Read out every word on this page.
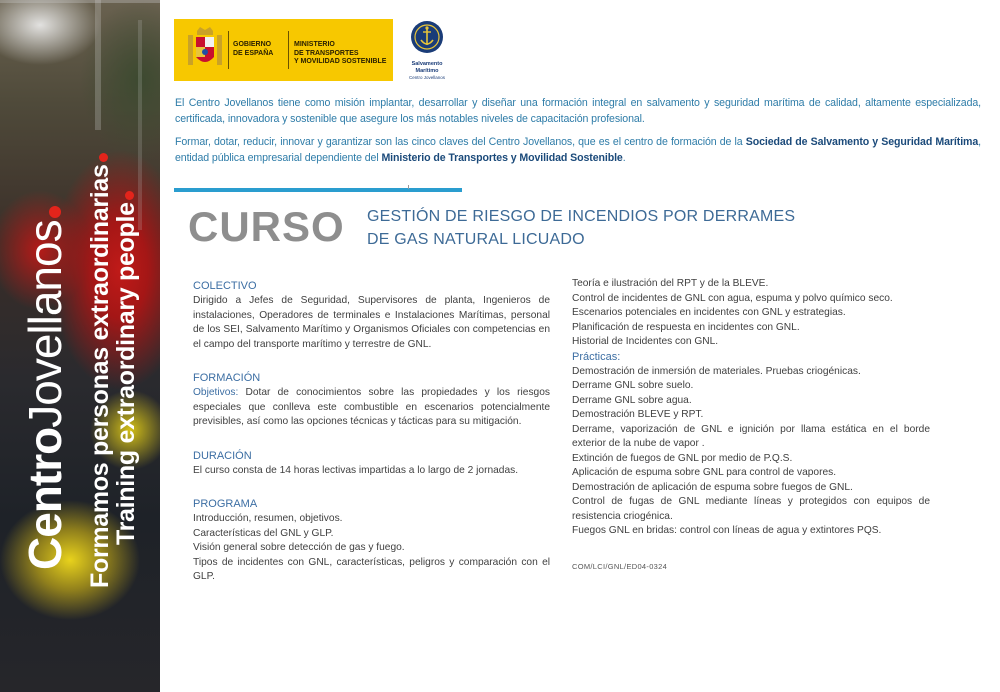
CentroJovellanos Formamos personas extraordinarias
Training extraordinary people
GOBIERNO
DE ESPAÑA
MINISTERIO
DE TRANSPORTES
Y MOVILIDAD SOSTENIBLE	Salvamento Marítimo
Centro Jovellanos

El Centro Jovellanos tiene como misión implantar, desarrollar y diseñar una formación integral en salvamento y seguridad marítima de calidad, altamente especializada, certificada, innovadora y sostenible que asegure los más notables niveles de capacitación profesional.

Formar, dotar, reducir, innovar y garantizar son las cinco claves del Centro Jovellanos, que es el centro de formación de la Sociedad de Salvamento y Seguridad Marítima, entidad pública empresarial dependiente del Ministerio de Transportes y Movilidad Sostenible.

CURSO GESTIÓN DE RIESGO DE INCENDIOS POR DERRAMES
DE GAS NATURAL LICUADO
COLECTIVO

Dirigido a Jefes de Seguridad, Supervisores de planta, Ingenieros de instalaciones, Operadores de terminales e Instalaciones Marítimas, personal de los SEI, Salvamento Marítimo y Organismos Oficiales con competencias en el campo del transporte marítimo y terrestre de GNL.

FORMACIÓN

Objetivos: Dotar de conocimientos sobre las propiedades y los riesgos especiales que conlleva este combustible en escenarios potencialmente previsibles, así como las opciones técnicas y tácticas para su mitigación.

DURACIÓN

El curso consta de 14 horas lectivas impartidas a lo largo de 2 jornadas.

PROGRAMA

Introducción, resumen, objetivos.

Características del GNL y GLP.

Visión general sobre detección de gas y fuego.

Tipos de incidentes con GNL, características, peligros y comparación con el GLP.

Teoría e ilustración del RPT y de la BLEVE.

Control de incidentes de GNL con agua, espuma y polvo químico seco.

Escenarios potenciales en incidentes con GNL y estrategias.

Planificación de respuesta en incidentes con GNL.

Historial de Incidentes con GNL.

Prácticas:

Demostración de inmersión de materiales. Pruebas criogénicas.

Derrame GNL sobre suelo.

Derrame GNL sobre agua.

Demostración BLEVE y RPT.

Derrame, vaporización de GNL e ignición por llama estática en el borde exterior de la nube de vapor .

Extinción de fuegos de GNL por medio de P.Q.S.

Aplicación de espuma sobre GNL para control de vapores.

Demostración de aplicación de espuma sobre fuegos de GNL.

Control de fugas de GNL mediante líneas y protegidos con equipos de resistencia criogénica.

Fuegos GNL en bridas: control con líneas de agua y extintores PQS.

COM/LCI/GNL/ED04-0324
